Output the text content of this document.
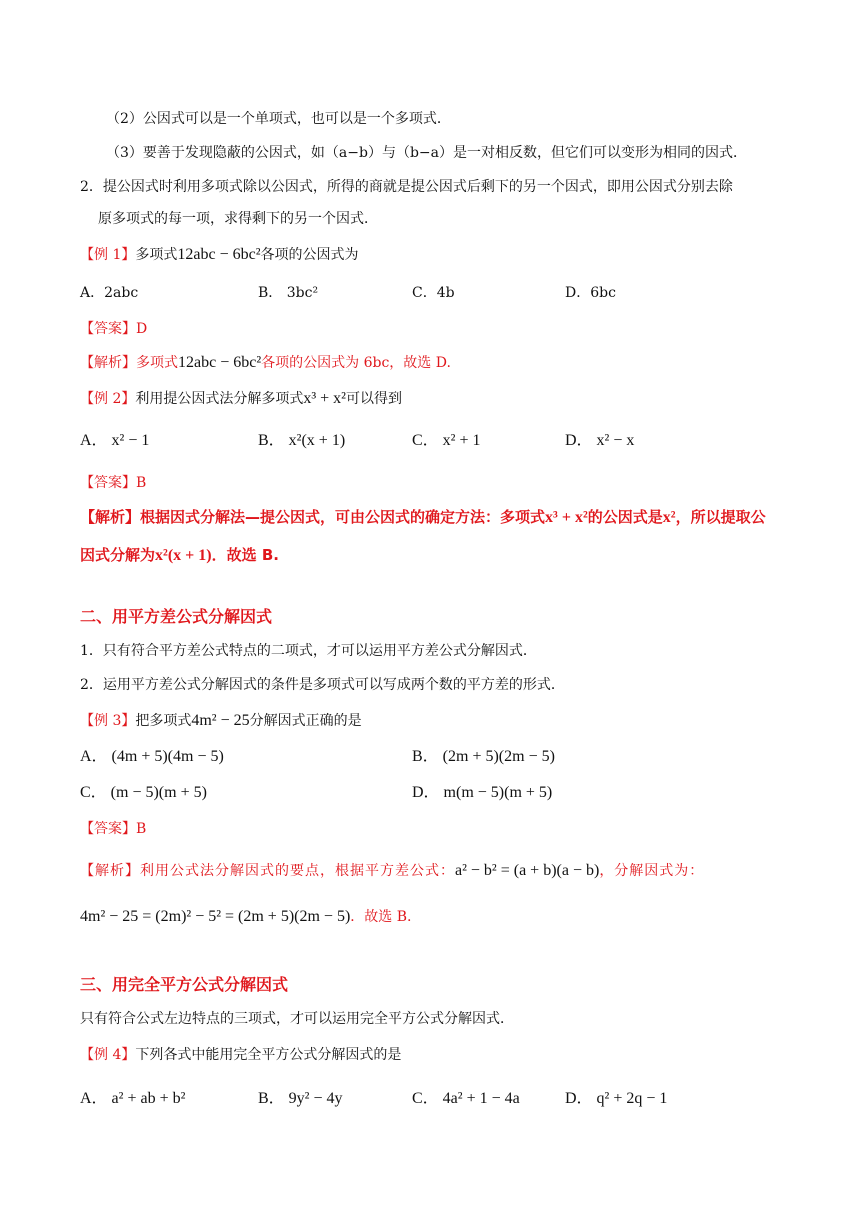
（2）公因式可以是一个单项式，也可以是一个多项式．
（3）要善于发现隐蔽的公因式，如（a−b）与（b−a）是一对相反数，但它们可以变形为相同的因式．
2．提公因式时利用多项式除以公因式，所得的商就是提公因式后剩下的另一个因式，即用公因式分别去除
原多项式的每一项，求得剩下的另一个因式．
【例 1】多项式12abc − 6bc²各项的公因式为
A．2abc	B． 3bc²	C．4b	D．6bc
【答案】D
【解析】多项式12abc − 6bc²各项的公因式为 6bc，故选 D.
【例 2】利用提公因式法分解多项式x³ + x²可以得到
A． x² − 1	B． x²(x + 1)	C． x² + 1	D． x² − x
【答案】B
【解析】根据因式分解法—提公因式，可由公因式的确定方法：多项式x³ + x²的公因式是x²，所以提取公
因式分解为x²(x + 1)．故选 B.
二、用平方差公式分解因式
1．只有符合平方差公式特点的二项式，才可以运用平方差公式分解因式．
2．运用平方差公式分解因式的条件是多项式可以写成两个数的平方差的形式．
【例 3】把多项式4m² − 25分解因式正确的是
A． (4m + 5)(4m − 5)	B． (2m + 5)(2m − 5)
C． (m − 5)(m + 5)	D． m(m − 5)(m + 5)
【答案】B
【解析】利用公式法分解因式的要点，根据平方差公式：a² − b² = (a + b)(a − b)，分解因式为：
4m² − 25 = (2m)² − 5² = (2m + 5)(2m − 5)．故选 B.
三、用完全平方公式分解因式
只有符合公式左边特点的三项式，才可以运用完全平方公式分解因式．
【例 4】下列各式中能用完全平方公式分解因式的是
A． a² + ab + b²	B． 9y² − 4y	C． 4a² + 1 − 4a	D． q² + 2q − 1
